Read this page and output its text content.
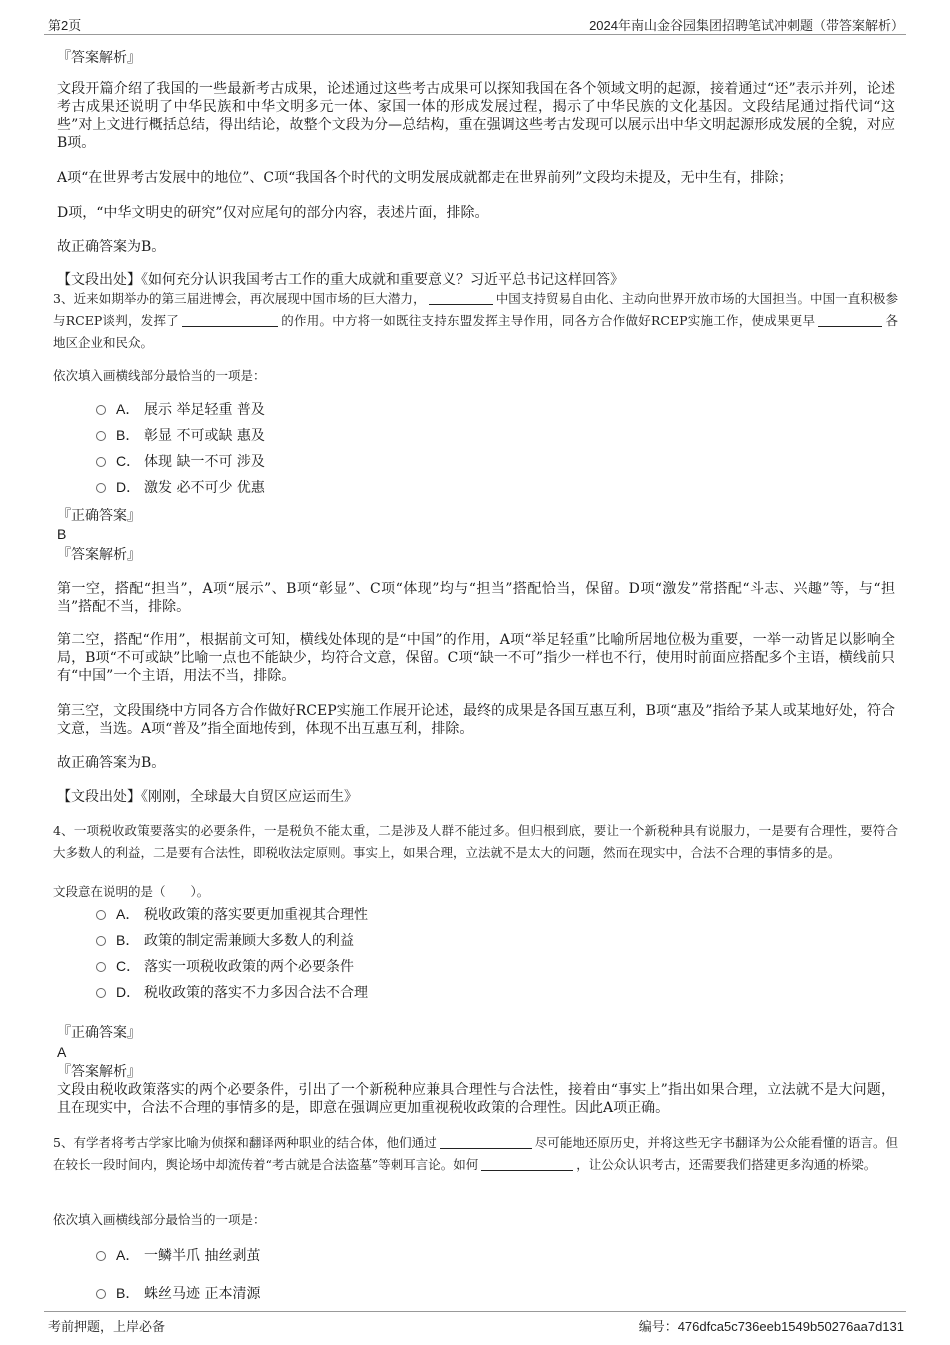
第2页	2024年南山金谷园集团招聘笔试冲刺题（带答案解析）
『答案解析』
文段开篇介绍了我国的一些最新考古成果，论述通过这些考古成果可以探知我国在各个领域文明的起源，接着通过“还”表示并列，论述考古成果还说明了中华民族和中华文明多元一体、家国一体的形成发展过程，揭示了中华民族的文化基因。文段结尾通过指代词“这些”对上文进行概括总结，得出结论，故整个文段为分—总结构，重在强调这些考古发现可以展示出中华文明起源形成发展的全貌，对应B项。
A项“在世界考古发展中的地位”、C项“我国各个时代的文明发展成就都走在世界前列”文段均未提及，无中生有，排除；
D项，“中华文明史的研究”仅对应尾句的部分内容，表述片面，排除。
故正确答案为B。
【文段出处】《如何充分认识我国考古工作的重大成就和重要意义？习近平总书记这样回答》
3、近来如期举办的第三届进博会，再次展现中国市场的巨大潜力，	中国支持贸易自由化、主动向世界开放市场的大国担当。中国一直积极参与RCEP谈判，发挥了	的作用。中方将一如既往支持东盟发挥主导作用，同各方合作做好RCEP实施工作，使成果更早	各地区企业和民众。
依次填入画横线部分最恰当的一项是：
A． 展示 举足轻重 普及
B． 彰显 不可或缺 惠及
C． 体现 缺一不可 涉及
D． 激发 必不可少 优惠
『正确答案』
B
『答案解析』
第一空，搭配“担当”，A项“展示”、B项“彰显”、C项“体现”均与“担当”搭配恰当，保留。D项“激发”常搭配“斗志、兴趣”等，与“担当”搭配不当，排除。
第二空，搭配“作用”，根据前文可知，横线处体现的是“中国”的作用，A项“举足轻重”比喻所居地位极为重要，一举一动皆足以影响全局，B项“不可或缺”比喻一点也不能缺少，均符合文意，保留。C项“缺一不可”指少一样也不行，使用时前面应搭配多个主语，横线前只有“中国”一个主语，用法不当，排除。
第三空，文段围绕中方同各方合作做好RCEP实施工作展开论述，最终的成果是各国互惠互利，B项“惠及”指给予某人或某地好处，符合文意，当选。A项“普及”指全面地传到，体现不出互惠互利，排除。
故正确答案为B。
【文段出处】《刚刚，全球最大自贸区应运而生》
4、一项税收政策要落实的必要条件，一是税负不能太重，二是涉及人群不能过多。但归根到底，要让一个新税种具有说服力，一是要有合理性，要符合大多数人的利益，二是要有合法性，即税收法定原则。事实上，如果合理，立法就不是太大的问题，然而在现实中，合法不合理的事情多的是。
文段意在说明的是（　　）。
A． 税收政策的落实要更加重视其合理性
B． 政策的制定需兼顾大多数人的利益
C． 落实一项税收政策的两个必要条件
D． 税收政策的落实不力多因合法不合理
『正确答案』
A
『答案解析』
文段由税收政策落实的两个必要条件，引出了一个新税种应兼具合理性与合法性，接着由“事实上”指出如果合理，立法就不是大问题，且在现实中，合法不合理的事情多的是，即意在强调应更加重视税收政策的合理性。因此A项正确。
5、有学者将考古学家比喻为侦探和翻译两种职业的结合体，他们通过	尽可能地还原历史，并将这些无字书翻译为公众能看懂的语言。但在较长一段时间内，舆论场中却流传着“考古就是合法盗墓”等刺耳言论。如何	，让公众认识考古，还需要我们搭建更多沟通的桥梁。
依次填入画横线部分最恰当的一项是：
A． 一鳞半爪 抽丝剥茧
B． 蛛丝马迹 正本清源
考前押题，上岸必备	编号：476dfca5c736eeb1549b50276aa7d131
